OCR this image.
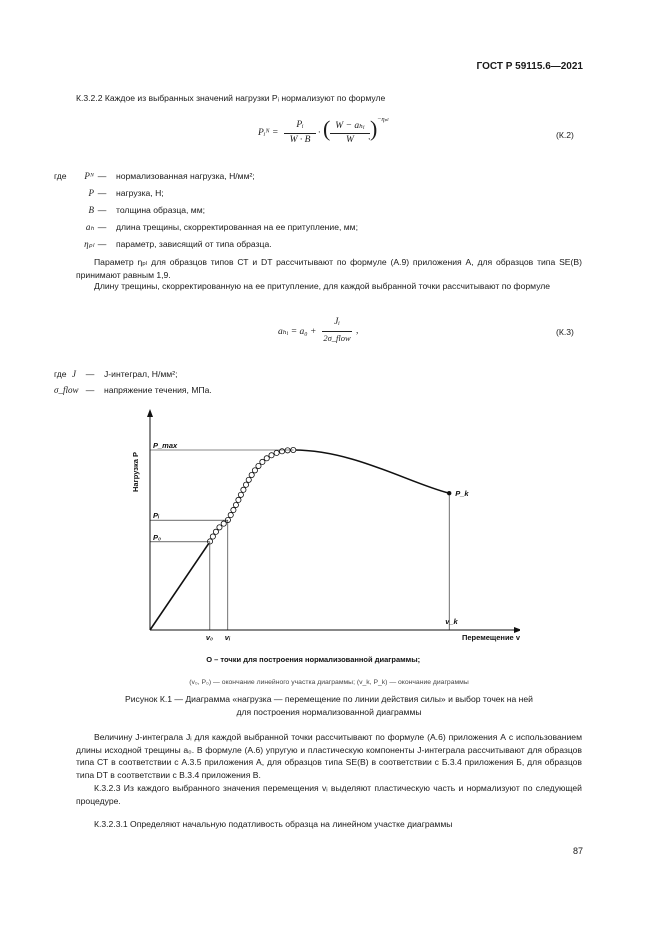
ГОСТ Р 59115.6—2021
К.3.2.2 Каждое из выбранных значений нагрузки Pᵢ нормализуют по формуле
Pᵢᴺ =
Pᵢ
W · B
· ( W − aₕᵢ
W ) −ηₚₗ
,	(К.2)
где	Pᴺ —	нормализованная нагрузка, Н/мм²;
P —	нагрузка, Н;
B —	толщина образца, мм;
aₕ —	длина трещины, скорректированная на ее притупление, мм;
ηₚₗ —	параметр, зависящий от типа образца.
Параметр ηₚₗ для образцов типов СТ и DT рассчитывают по формуле (А.9) приложения А, для образцов типа SE(B) принимают равным 1,9.
Длину трещины, скорректированную на ее притупление, для каждой выбранной точки рассчитывают по формуле
aₕᵢ = a₀ +
Jᵢ
2σ_flow
,	(К.3)
где J	—	J-интеграл, Н/мм²;
σ_flow —	напряжение течения, МПа.
Нагрузка P
Перемещение v
P_max
Pᵢ
P₀
P_k
v₀ vᵢ
v_k
О – точки для построения нормализованной диаграммы;
(v₀, P₀) — окончание линейного участка диаграммы; (v_k, P_k) — окончание диаграммы
Рисунок К.1 — Диаграмма «нагрузка — перемещение по линии действия силы» и выбор точек на ней
для построения нормализованной диаграммы
Величину J-интеграла Jᵢ для каждой выбранной точки рассчитывают по формуле (А.6) приложения А с использованием длины исходной трещины a₀. В формуле (А.6) упругую и пластическую компоненты J-интеграла рассчитывают для образцов типа СТ в соответствии с А.3.5 приложения А, для образцов типа SE(B) в соответствии с Б.3.4 приложения Б, для образцов типа DT в соответствии с В.3.4 приложения В.
К.3.2.3 Из каждого выбранного значения перемещения vᵢ выделяют пластическую часть и нормализуют по следующей процедуре.
К.3.2.3.1 Определяют начальную податливость образца на линейном участке диаграммы
87
